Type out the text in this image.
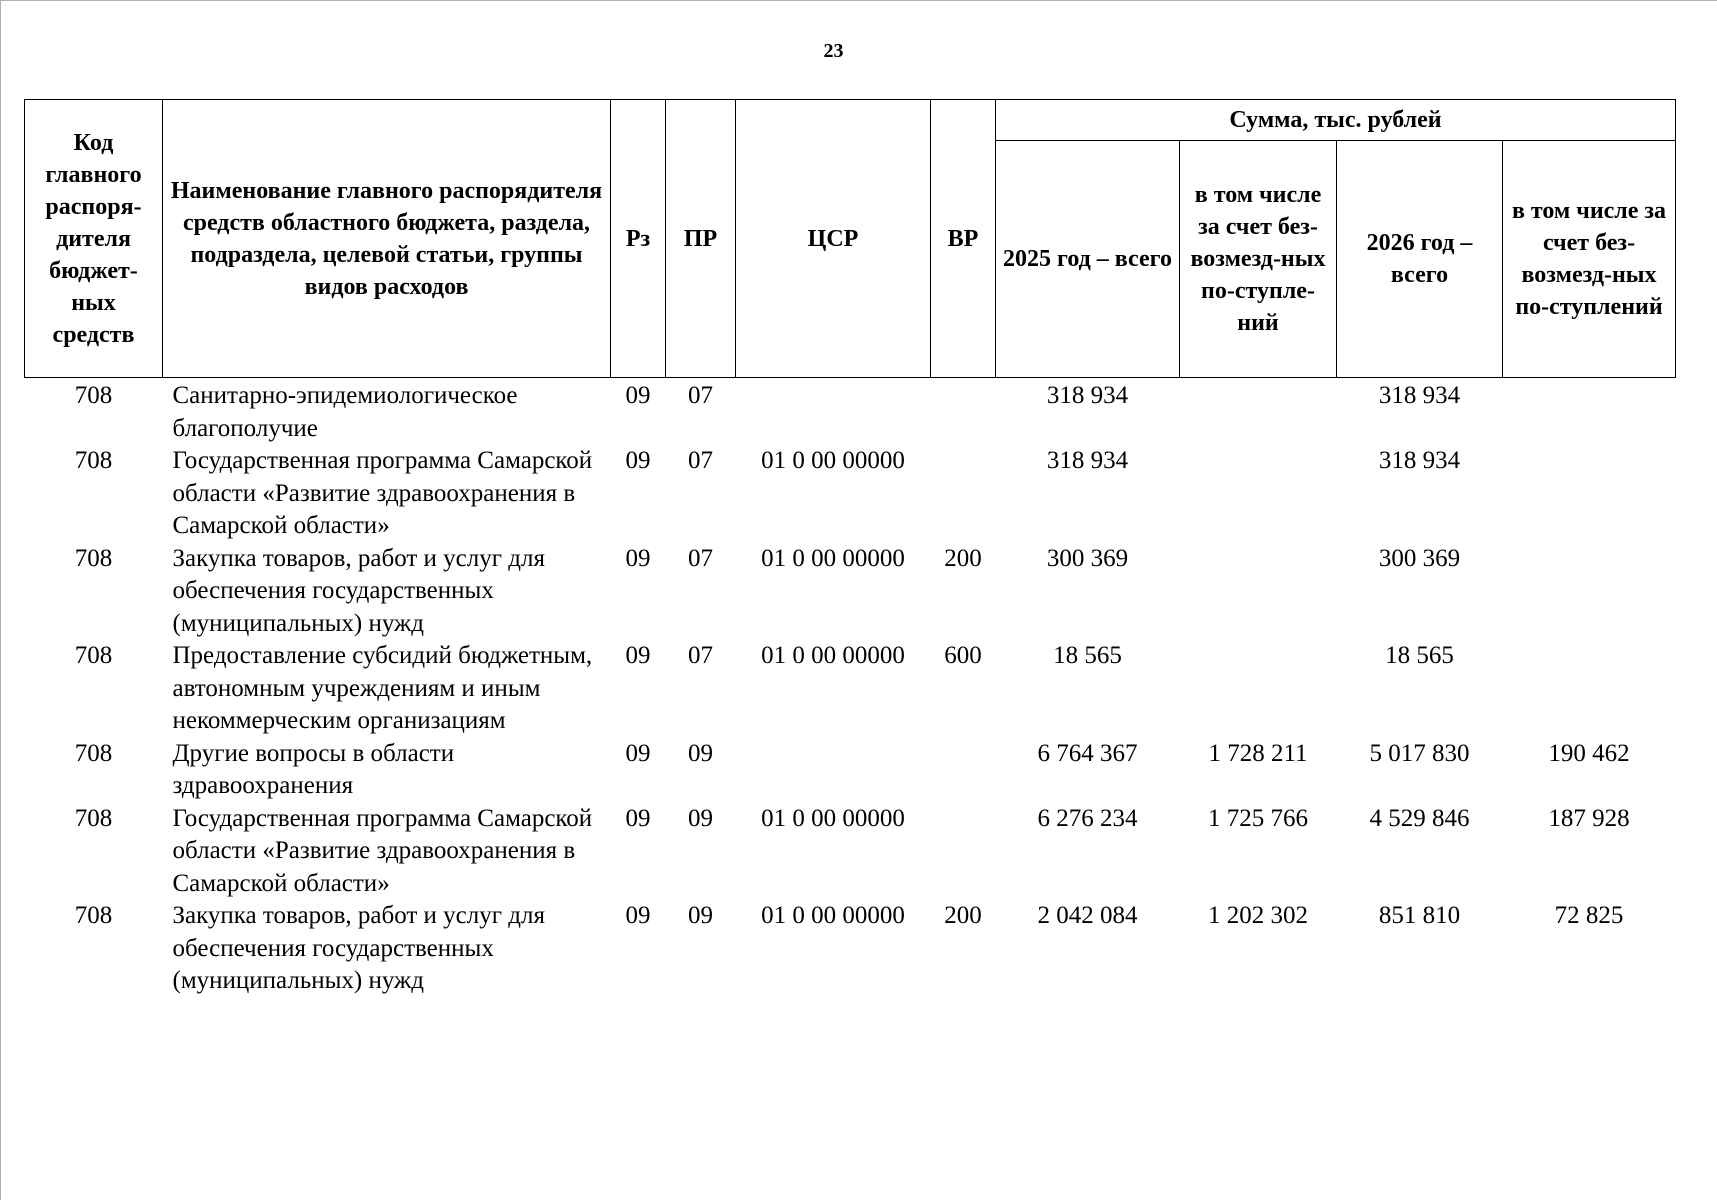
23
Код главного распоря-дителя бюджет-ных средств	Наименование главного распорядителя средств областного бюджета, раздела, подраздела, целевой статьи, группы видов расходов	Рз	ПР	ЦСР	ВР	Сумма, тыс. рублей			
						2025 год – всего	в том числе за счет без-возмезд-ных по-ступле-ний	2026 год – всего	в том числе за счет без-возмезд-ных по-ступлений
708	Санитарно-эпидемиологическое благополучие	09	07			318 934		318 934	
708	Государственная программа Самарской области «Развитие здравоохранения в Самарской области»	09	07	01 0 00 00000		318 934		318 934	
708	Закупка товаров, работ и услуг для обеспечения государственных (муниципальных) нужд	09	07	01 0 00 00000	200	300 369		300 369	
708	Предоставление субсидий бюджетным, автономным учреждениям и иным некоммерческим организациям	09	07	01 0 00 00000	600	18 565		18 565	
708	Другие вопросы в области здравоохранения	09	09			6 764 367	1 728 211	5 017 830	190 462
708	Государственная программа Самарской области «Развитие здравоохранения в Самарской области»	09	09	01 0 00 00000		6 276 234	1 725 766	4 529 846	187 928
708	Закупка товаров, работ и услуг для обеспечения государственных (муниципальных) нужд	09	09	01 0 00 00000	200	2 042 084	1 202 302	851 810	72 825
